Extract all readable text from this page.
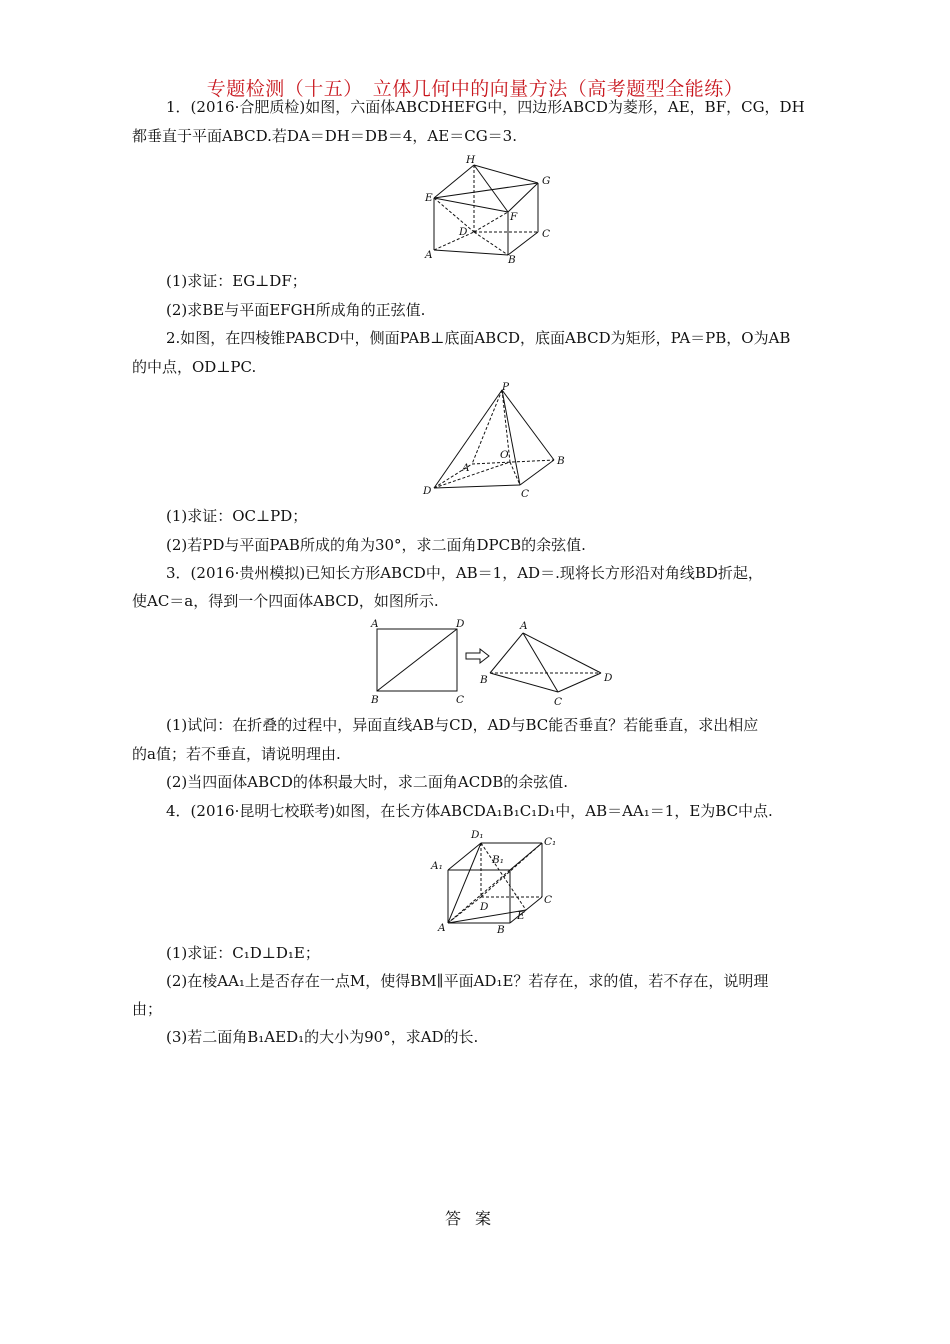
专题检测（十五）　立体几何中的向量方法（高考题型全能练）
1．(2016·合肥质检)如图，六面体ABCDHEFG中，四边形ABCD为菱形，AE，BF，CG，DH
都垂直于平面ABCD.若DA＝DH＝DB＝4，AE＝CG＝3.
H
G
E
F
D	C
A	B
(1)求证：EG⊥DF；
(2)求BE与平面EFGH所成角的正弦值.
2.如图，在四棱锥PABCD中，侧面PAB⊥底面ABCD，底面ABCD为矩形，PA＝PB，O为AB
的中点，OD⊥PC.
P
O
A
B
D	C
(1)求证：OC⊥PD；
(2)若PD与平面PAB所成的角为30°，求二面角DPCB的余弦值.
3．(2016·贵州模拟)已知长方形ABCD中，AB＝1，AD＝.现将长方形沿对角线BD折起，
使AC＝a，得到一个四面体ABCD，如图所示.
A	D
B	C
A
B	D
C
(1)试问：在折叠的过程中，异面直线AB与CD，AD与BC能否垂直？若能垂直，求出相应
的a值；若不垂直，请说明理由.
(2)当四面体ABCD的体积最大时，求二面角ACDB的余弦值.
4．(2016·昆明七校联考)如图，在长方体ABCDA₁B₁C₁D₁中，AB＝AA₁＝1，E为BC中点.
D₁
C₁
B₁
A₁
D
C
E
A	B
(1)求证：C₁D⊥D₁E；
(2)在棱AA₁上是否存在一点M，使得BM∥平面AD₁E？若存在，求的值，若不存在，说明理
由；
(3)若二面角B₁AED₁的大小为90°，求AD的长.
答案
